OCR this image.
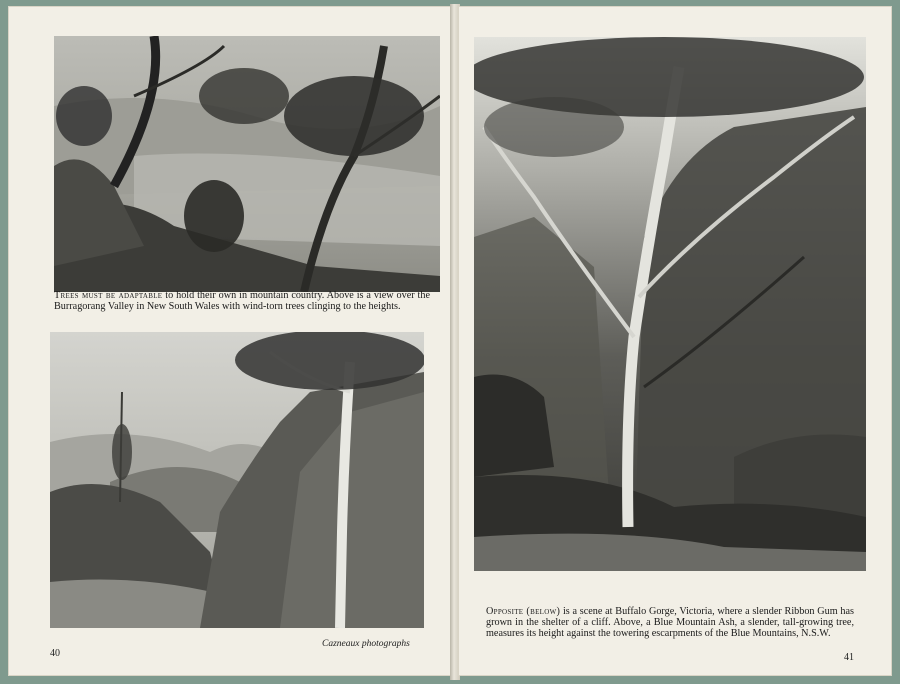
Trees must be adaptable to hold their own in mountain country. Above is a view over the Burragorang Valley in New South Wales with wind-torn trees clinging to the heights.

40

Cazneaux photographs

Opposite (below) is a scene at Buffalo Gorge, Victoria, where a slender Ribbon Gum has grown in the shelter of a cliff. Above, a Blue Mountain Ash, a slender, tall-growing tree, measures its height against the towering escarpments of the Blue Mountains, N.S.W.

41
